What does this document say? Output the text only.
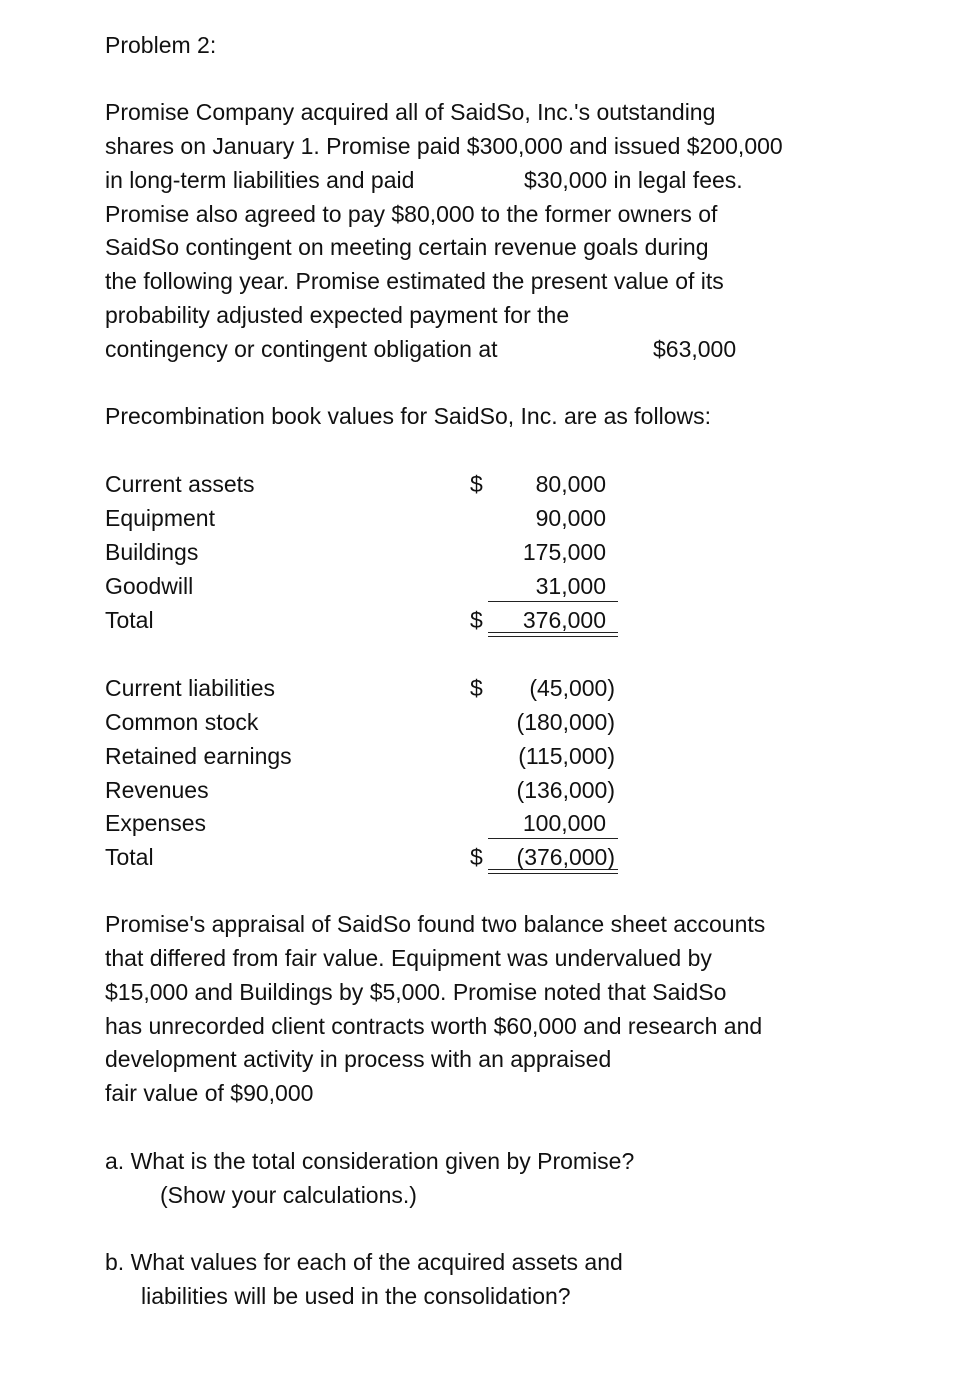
Problem 2:
Promise Company acquired all of SaidSo, Inc.'s outstanding
shares on January 1. Promise paid $300,000 and issued $200,000
in long-term liabilities and paid	$30,000 in legal fees.
Promise also agreed to pay $80,000 to the former owners of
SaidSo contingent on meeting certain revenue goals during
the following year. Promise estimated the present value of its
probability adjusted expected payment for the
contingency or contingent obligation at	$63,000
Precombination book values for SaidSo, Inc. are as follows:
Current assets	$ 80,000
Equipment	90,000
Buildings	175,000
Goodwill	31,000
Total	$ 376,000
Current liabilities	$ (45,000)
Common stock	(180,000)
Retained earnings	(115,000)
Revenues	(136,000)
Expenses	100,000
Total	$ (376,000)
Promise's appraisal of SaidSo found two balance sheet accounts
that differed from fair value. Equipment was undervalued by
$15,000 and Buildings by $5,000. Promise noted that SaidSo
has unrecorded client contracts worth $60,000 and research and
development activity in process with an appraised
fair value of $90,000
a. What is the total consideration given by Promise?
(Show your calculations.)
b. What values for each of the acquired assets and
liabilities will be used in the consolidation?
